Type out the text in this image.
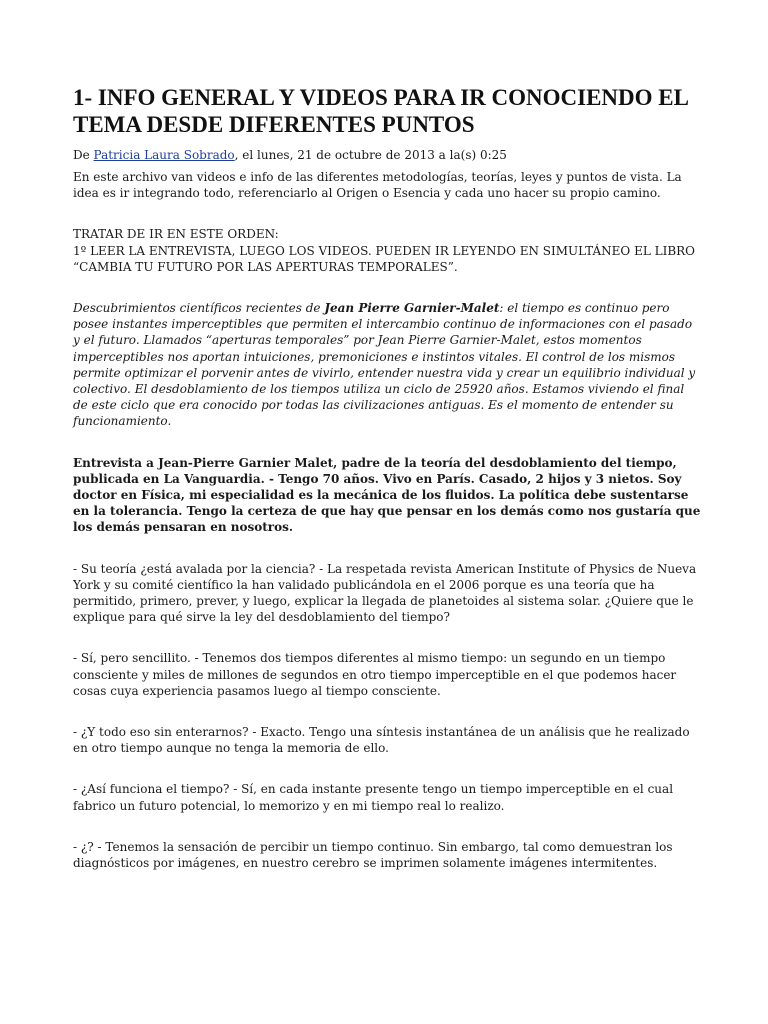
1- INFO GENERAL Y VIDEOS PARA IR CONOCIENDO EL TEMA DESDE DIFERENTES PUNTOS
De Patricia Laura Sobrado, el lunes, 21 de octubre de 2013 a la(s) 0:25

En este archivo van videos e info de las diferentes metodologías, teorías, leyes y puntos de vista. La idea es ir integrando todo, referenciarlo al Origen o Esencia y cada uno hacer su propio camino.

TRATAR DE IR EN ESTE ORDEN:

1º LEER LA ENTREVISTA, LUEGO LOS VIDEOS. PUEDEN IR LEYENDO EN SIMULTÁNEO EL LIBRO “CAMBIA TU FUTURO POR LAS APERTURAS TEMPORALES”.

Descubrimientos científicos recientes de Jean Pierre Garnier-Malet: el tiempo es continuo pero posee instantes imperceptibles que permiten el intercambio continuo de informaciones con el pasado y el futuro. Llamados “aperturas temporales” por Jean Pierre Garnier-Malet, estos momentos imperceptibles nos aportan intuiciones, premoniciones e instintos vitales. El control de los mismos permite optimizar el porvenir antes de vivirlo, entender nuestra vida y crear un equilibrio individual y colectivo. El desdoblamiento de los tiempos utiliza un ciclo de 25920 años. Estamos viviendo el final de este ciclo que era conocido por todas las civilizaciones antiguas. Es el momento de entender su funcionamiento.

Entrevista a Jean-Pierre Garnier Malet, padre de la teoría del desdoblamiento del tiempo, publicada en La Vanguardia. - Tengo 70 años. Vivo en París. Casado, 2 hijos y 3 nietos. Soy doctor en Física, mi especialidad es la mecánica de los fluidos. La política debe sustentarse en la tolerancia. Tengo la certeza de que hay que pensar en los demás como nos gustaría que los demás pensaran en nosotros.

- Su teoría ¿está avalada por la ciencia? - La respetada revista American Institute of Physics de Nueva York y su comité científico la han validado publicándola en el 2006 porque es una teoría que ha permitido, primero, prever, y luego, explicar la llegada de planetoides al sistema solar. ¿Quiere que le explique para qué sirve la ley del desdoblamiento del tiempo?

- Sí, pero sencillito. - Tenemos dos tiempos diferentes al mismo tiempo: un segundo en un tiempo consciente y miles de millones de segundos en otro tiempo imperceptible en el que podemos hacer cosas cuya experiencia pasamos luego al tiempo consciente.

- ¿Y todo eso sin enterarnos? - Exacto. Tengo una síntesis instantánea de un análisis que he realizado en otro tiempo aunque no tenga la memoria de ello.

- ¿Así funciona el tiempo? - Sí, en cada instante presente tengo un tiempo imperceptible en el cual fabrico un futuro potencial, lo memorizo y en mi tiempo real lo realizo.

- ¿? - Tenemos la sensación de percibir un tiempo continuo. Sin embargo, tal como demuestran los diagnósticos por imágenes, en nuestro cerebro se imprimen solamente imágenes intermitentes.
